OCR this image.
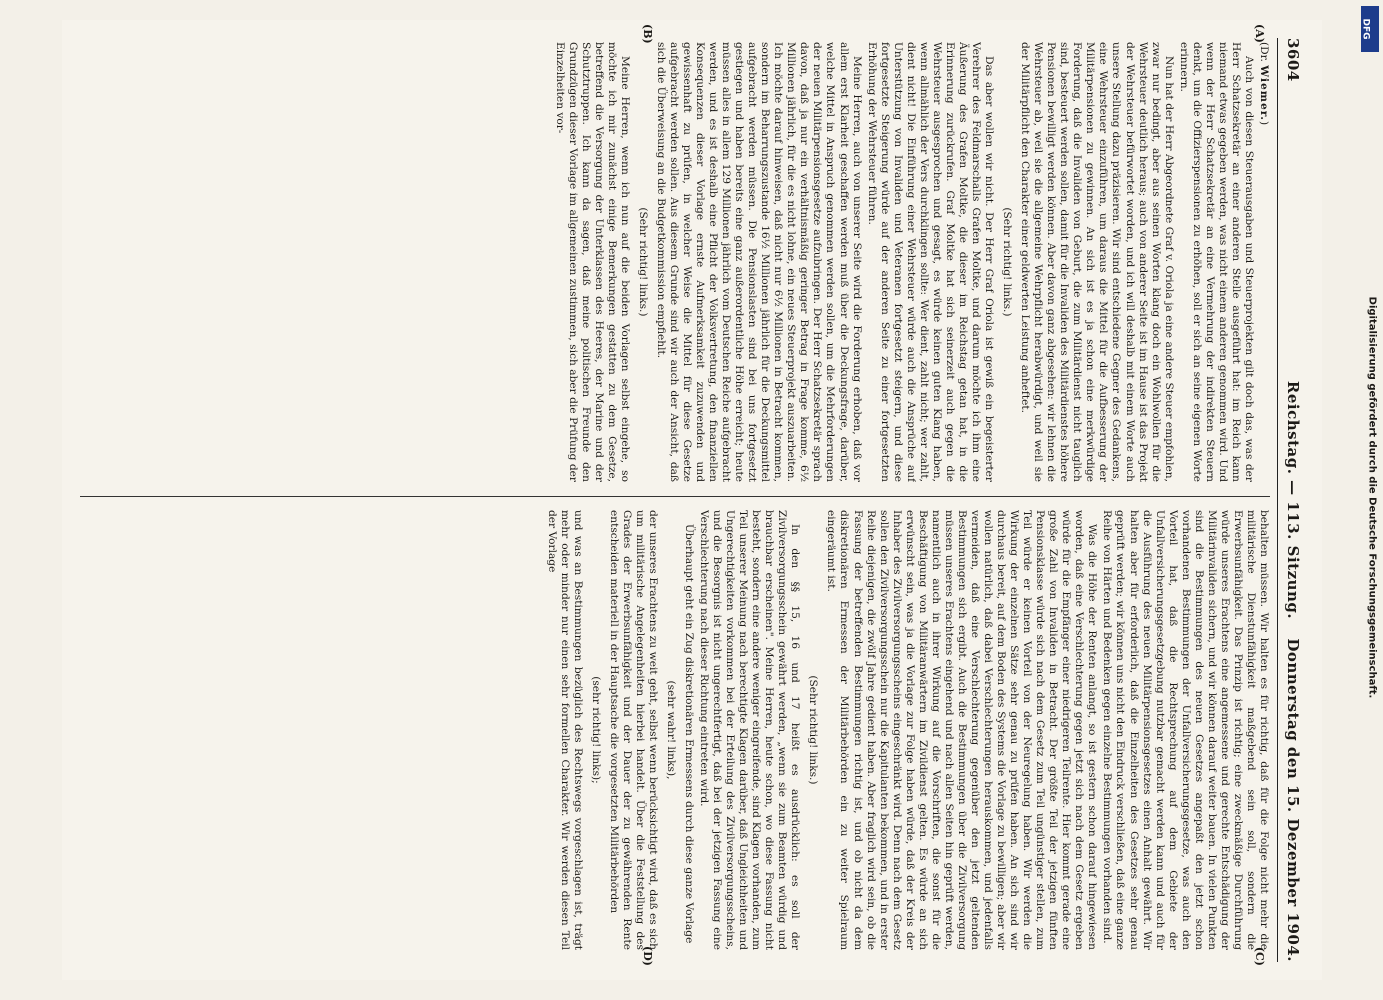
3604
Reichstag. — 113. Sitzung.
Donnerstag den 15. Dezember 1904.
(A)
(B)
(C)
(D)

(Dr. Wiemer.)

Auch von diesen Steuerausgaben und Steuerprojekten gilt doch das, was der Herr Schatzsekretär an einer anderen Stelle ausgeführt hat: im Reich kann niemand etwas gegeben werden, was nicht einem anderen genommen wird. Und wenn der Herr Schatzsekretär an eine Vermehrung der indirekten Steuern denkt, um die Offizierspensionen zu erhöhen, soll er sich an seine eigenen Worte erinnern.

Nun hat der Herr Abgeordnete Graf v. Oriola ja eine andere Steuer empfohlen, zwar nur bedingt, aber aus seinen Worten klang doch ein Wohlwollen für die Wehrsteuer deutlich heraus; auch von anderer Seite ist im Hause ist das Projekt der Wehrsteuer befürwortet worden, und ich will deshalb mit einem Worte auch unsere Stellung dazu präzisieren. Wir sind entschiedene Gegner des Gedankens, eine Wehrsteuer einzuführen, um daraus die Mittel für die Aufbesserung der Militärpensionen zu gewinnen. An sich ist es ja schon eine merkwürdige Forderung, daß die Invaliden von Geburt, die zum Militärdienst nicht tauglich sind, besteuert werden sollen, damit für die Invaliden des Militärdienstes höhere Pensionen bewilligt werden können. Aber davon ganz abgesehen: wir lehnen die Wehrsteuer ab, weil sie die allgemeine Wehrpflicht herabwürdigt, und weil sie der Militärpflicht den Charakter einer geldwerten Leistung anheftet.

(Sehr richtig! links.)

Das aber wollen wir nicht. Der Herr Graf Oriola ist gewiß ein begeisterter Verehrer des Feldmarschalls Grafen Moltke, und darum möchte ich ihm eine Äußerung des Grafen Moltke, die dieser im Reichstag getan hat, in die Erinnerung zurückrufen. Graf Moltke hat sich seinerzeit auch gegen die Wehrsteuer ausgesprochen und gesagt, es würde keinen guten Klang haben, wenn allmählich der Vers durchklingen sollte: Wer dient, zahlt nicht; wer zahlt, dient nicht! Die Einführung einer Wehrsteuer würde auch die Ansprüche auf Unterstützung von Invaliden und Veteranen fortgesetzt steigern, und diese fortgesetzte Steigerung würde auf der anderen Seite zu einer fortgesetzten Erhöhung der Wehrsteuer führen.

Meine Herren, auch von unserer Seite wird die Forderung erhoben, daß vor allem erst Klarheit geschaffen werden muß über die Deckungsfrage, darüber, welche Mittel in Anspruch genommen werden sollen, um die Mehrforderungen der neuen Militärpensionsgesetze aufzubringen. Der Herr Schatzsekretär sprach davon, daß ja nur ein verhältnismäßig geringer Betrag in Frage komme, 6½ Millionen jährlich, für die es nicht lohne, ein neues Steuerprojekt auszuarbeiten. Ich möchte darauf hinweisen, daß nicht nur 6½ Millionen in Betracht kommen, sondern im Beharrungszustande 16½ Millionen jährlich für die Deckungsmittel aufgebracht werden müssen. Die Pensionslasten sind bei uns fortgesetzt gestiegen und haben bereits eine ganz außerordentliche Höhe erreicht; heute müssen alles in allem 129 Millionen jährlich vom Deutschen Reiche aufgebracht werden, und es ist deshalb eine Pflicht der Volksvertretung, den finanziellen Konsequenzen dieser Vorlage ernste Aufmerksamkeit zuzuwenden und gewissenhaft zu prüfen, in welcher Weise die Mittel für diese Gesetze aufgebracht werden sollen. Aus diesem Grunde sind wir auch der Ansicht, daß sich die Überweisung an die Budgetkommission empfiehlt.

(Sehr richtig! links.)

Meine Herren, wenn ich nun auf die beiden Vorlagen selbst eingehe, so möchte ich mir zunächst einige Bemerkungen gestatten zu dem Gesetze, betreffend die Versorgung der Unterklassen des Heeres, der Marine und der Schutztruppen. Ich kann da sagen, daß meine politischen Freunde den Grundzügen dieser Vorlage im allgemeinen zustimmen, sich aber die Prüfung der Einzelheiten vor-

behalten müssen. Wir halten es für richtig, daß für die Folge nicht mehr die militärische Dienstunfähigkeit maßgebend sein soll, sondern die Erwerbsunfähigkeit. Das Prinzip ist richtig; eine zweckmäßige Durchführung würde unseres Erachtens eine angemessene und gerechte Entschädigung der Militärinvaliden sichern, und wir können darauf weiter bauen. In vielen Punkten sind die Bestimmungen des neuen Gesetzes angepaßt den jetzt schon vorhandenen Bestimmungen der Unfallversicherungsgesetze, was auch den Vorteil hat, daß die Rechtsprechung auf dem Gebiete der Unfallversicherungsgesetzgebung nutzbar gemacht werden kann und auch für die Ausführung des neuen Militärpensionsgesetzes einen Anhalt gewährt. Wir halten aber für erforderlich, daß die Einzelheiten des Gesetzes sehr genau geprüft werden; wir können uns nicht den Eindruck verschließen, daß eine ganze Reihe von Härten und Bedenken gegen einzelne Bestimmungen vorhanden sind.

Was die Höhe der Renten anlangt, so ist gestern schon darauf hingewiesen worden, daß eine Verschlechterung gegen jetzt sich nach dem Gesetz ergeben würde für die Empfänger einer niedrigeren Teilrente. Hier kommt gerade eine große Zahl von Invaliden in Betracht. Der größte Teil der jetzigen fünften Pensionsklasse würde sich nach dem Gesetz zum Teil ungünstiger stellen, zum Teil würde er keinen Vorteil von der Neuregelung haben. Wir werden die Wirkung der einzelnen Sätze sehr genau zu prüfen haben. An sich sind wir durchaus bereit, auf dem Boden des Systems die Vorlage zu bewilligen; aber wir wollen natürlich, daß dabei Verschlechterungen herauskommen, und jedenfalls vermeiden, daß eine Verschlechterung gegenüber den jetzt geltenden Bestimmungen sich ergibt. Auch die Bestimmungen über die Zivilversorgung müssen unseres Erachtens eingehend und nach allen Seiten hin geprüft werden, namentlich auch in ihrer Wirkung auf die Vorschriften, die sonst für die Beschäftigung von Militäranwärtern im Zivildienst gelten. Es würde an sich erwünscht sein, was ja die Vorlage zur Folge haben würde, daß der Kreis der Inhaber des Zivilversorgungsscheins eingeschränkt wird. Denn nach dem Gesetz sollen den Zivilversorgungsschein nur die Kapitulanten bekommen, und in erster Reihe diejenigen, die zwölf Jahre gedient haben. Aber fraglich wird sein, ob die Fassung der betreffenden Bestimmungen richtig ist, und ob nicht da dem diskretionären Ermessen der Militärbehörden ein zu weiter Spielraum eingeräumt ist.

(Sehr richtig! links.)

In den §§ 15, 16 und 17 heißt es ausdrücklich: es soll der Zivilversorgungsschein gewährt werden, „wenn sie zum Beamten würdig und brauchbar erscheinen". Meine Herren, heute schon, wo diese Fassung nicht besteht, sondern eine andere weniger eingreifende, sind Klagen vorhanden, zum Teil unserer Meinung nach berechtigte Klagen darüber, daß Ungleichheiten und Ungerechtigkeiten vorkommen bei der Erteilung des Zivilversorgungsscheins, und die Besorgnis ist nicht ungerechtfertigt, daß bei der jetzigen Fassung eine Verschlechterung nach dieser Richtung eintreten wird.

Überhaupt geht ein Zug diskretionären Ermessens durch diese ganze Vorlage

(sehr wahr! links),

der unseres Erachtens zu weit geht, selbst wenn berücksichtigt wird, daß es sich um militärische Angelegenheiten hierbei handelt. Über die Feststellung des Grades der Erwerbsunfähigkeit und der Dauer der zu gewährenden Rente entscheiden materiell in der Hauptsache die vorgesetzten Militärbehörden

(sehr richtig! links);

und was an Bestimmungen bezüglich des Rechtswegs vorgeschlagen ist, trägt mehr oder minder nur einen sehr formellen Charakter. Wir werden diesen Teil der Vorlage	Digitalisierung gefördert durch die Deutsche Forschungsgemeinschaft.
DFG
